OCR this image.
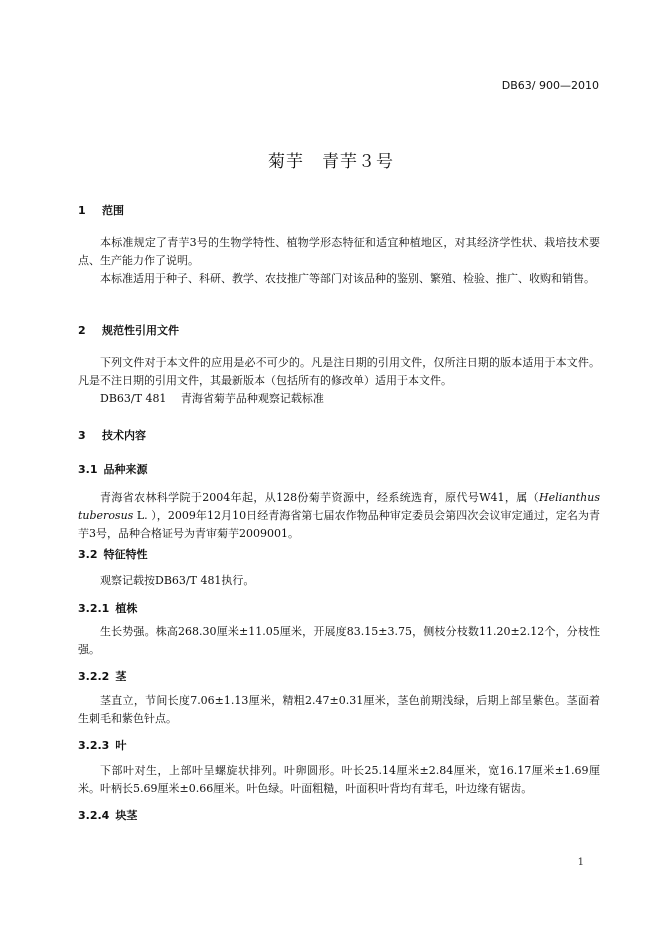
DB63/ 900—2010
菊芋　青芋３号
1 范围
本标准规定了青芋3号的生物学特性、植物学形态特征和适宜种植地区，对其经济学性状、栽培技术要点、生产能力作了说明。
本标准适用于种子、科研、教学、农技推广等部门对该品种的鉴别、繁殖、检验、推广、收购和销售。
2 规范性引用文件
下列文件对于本文件的应用是必不可少的。凡是注日期的引用文件，仅所注日期的版本适用于本文件。凡是不注日期的引用文件，其最新版本（包括所有的修改单）适用于本文件。
DB63/T 481　 青海省菊芋品种观察记载标准
3 技术内容
3.1 品种来源
青海省农林科学院于2004年起，从128份菊芋资源中，经系统选育，原代号W41，属（Helianthus tuberosus L. ），2009年12月10日经青海省第七届农作物品种审定委员会第四次会议审定通过，定名为青芋3号，品种合格证号为青审菊芋2009001。
3.2 特征特性
观察记载按DB63/T 481执行。
3.2.1 植株
生长势强。株高268.30厘米±11.05厘米，开展度83.15±3.75，侧枝分枝数11.20±2.12个，分枝性强。
3.2.2 茎
茎直立，节间长度7.06±1.13厘米，精粗2.47±0.31厘米，茎色前期浅绿，后期上部呈紫色。茎面着生刺毛和紫色针点。
3.2.3 叶
下部叶对生，上部叶呈螺旋状排列。叶卵圆形。叶长25.14厘米±2.84厘米，宽16.17厘米±1.69厘米。叶柄长5.69厘米±0.66厘米。叶色绿。叶面粗糙，叶面积叶背均有茸毛，叶边缘有锯齿。
3.2.4 块茎
1
